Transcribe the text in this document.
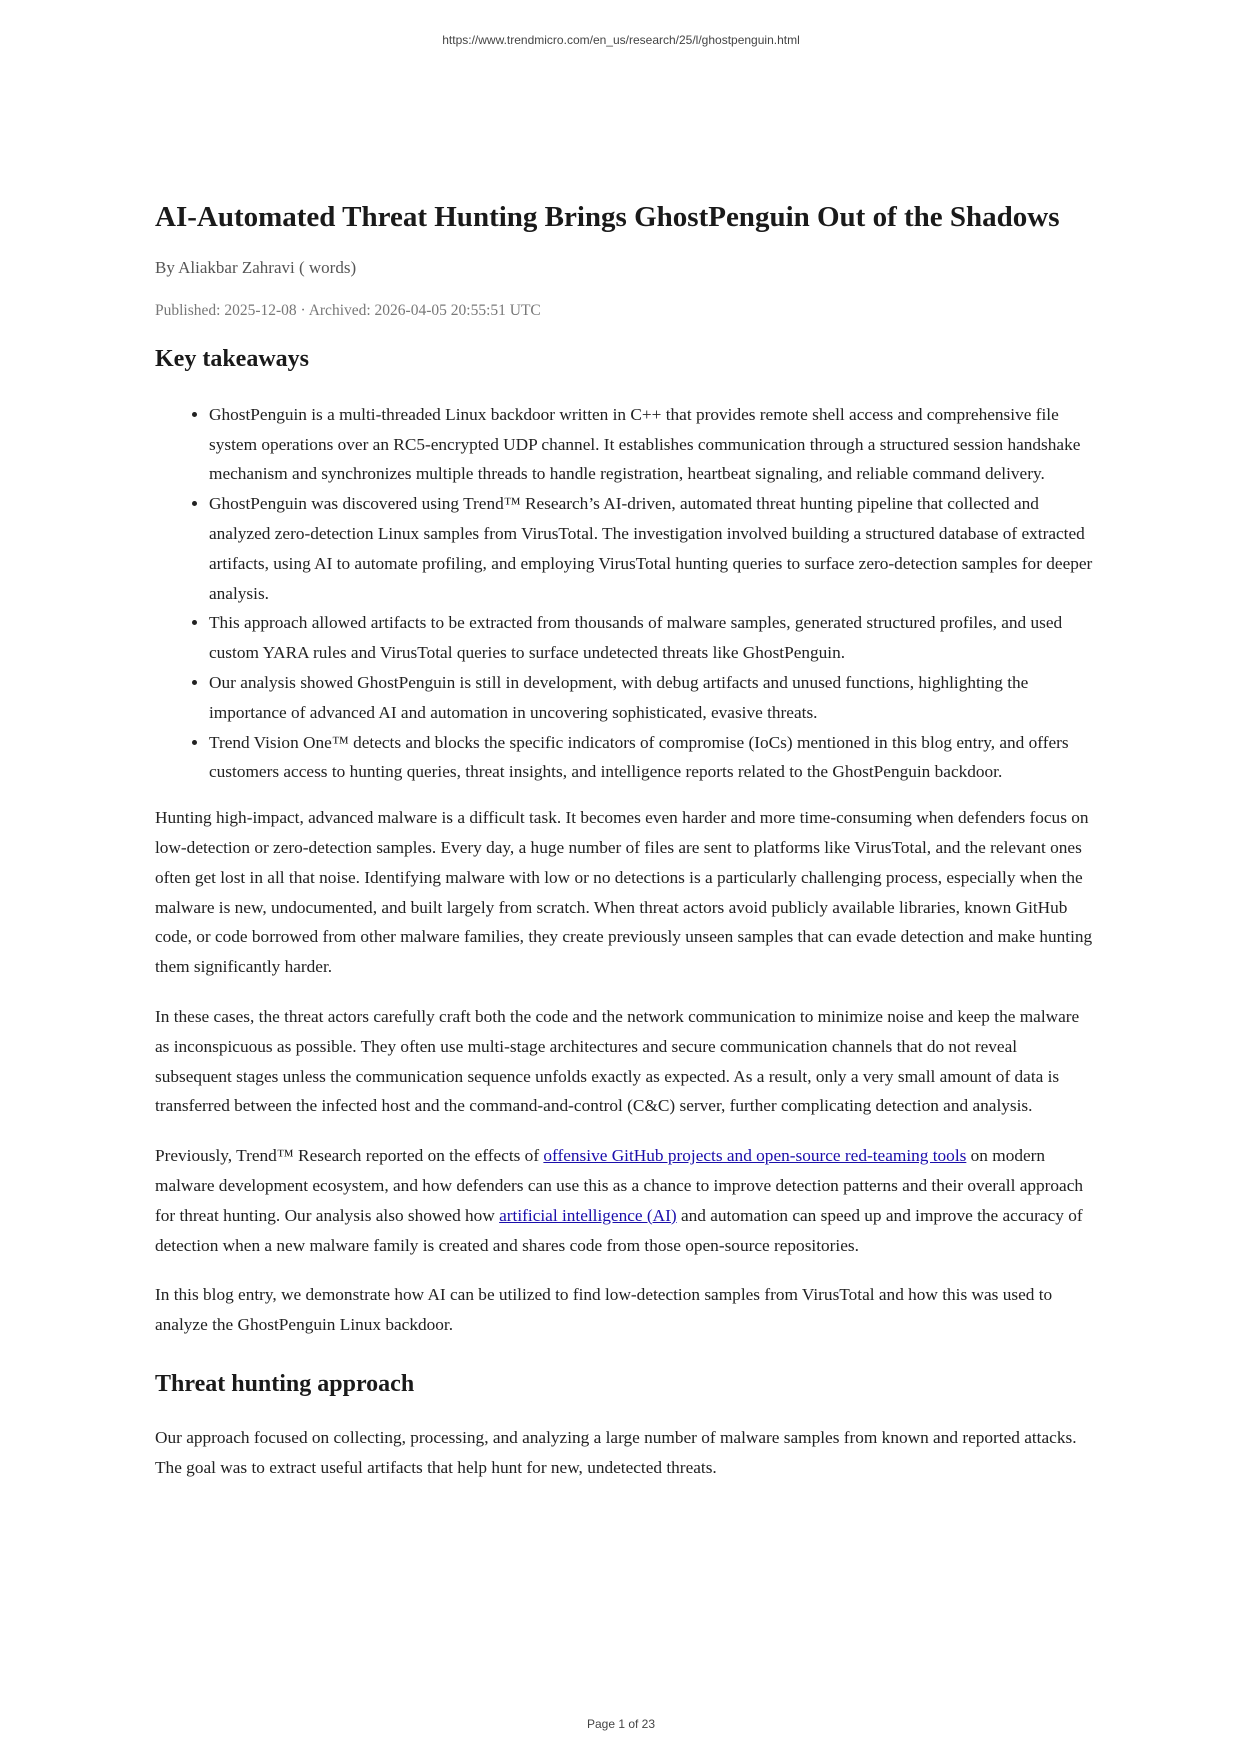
https://www.trendmicro.com/en_us/research/25/l/ghostpenguin.html
AI-Automated Threat Hunting Brings GhostPenguin Out of the Shadows
By Aliakbar Zahravi ( words)
Published: 2025-12-08 · Archived: 2026-04-05 20:55:51 UTC
Key takeaways
• GhostPenguin is a multi-threaded Linux backdoor written in C++ that provides remote shell access and comprehensive file system operations over an RC5-encrypted UDP channel. It establishes communication through a structured session handshake mechanism and synchronizes multiple threads to handle registration, heartbeat signaling, and reliable command delivery.
• GhostPenguin was discovered using Trend™ Research’s AI-driven, automated threat hunting pipeline that collected and analyzed zero-detection Linux samples from VirusTotal. The investigation involved building a structured database of extracted artifacts, using AI to automate profiling, and employing VirusTotal hunting queries to surface zero-detection samples for deeper analysis.
• This approach allowed artifacts to be extracted from thousands of malware samples, generated structured profiles, and used custom YARA rules and VirusTotal queries to surface undetected threats like GhostPenguin.
• Our analysis showed GhostPenguin is still in development, with debug artifacts and unused functions, highlighting the importance of advanced AI and automation in uncovering sophisticated, evasive threats.
• Trend Vision One™ detects and blocks the specific indicators of compromise (IoCs) mentioned in this blog entry, and offers customers access to hunting queries, threat insights, and intelligence reports related to the GhostPenguin backdoor.

Hunting high-impact, advanced malware is a difficult task. It becomes even harder and more time-consuming when defenders focus on low-detection or zero-detection samples. Every day, a huge number of files are sent to platforms like VirusTotal, and the relevant ones often get lost in all that noise. Identifying malware with low or no detections is a particularly challenging process, especially when the malware is new, undocumented, and built largely from scratch. When threat actors avoid publicly available libraries, known GitHub code, or code borrowed from other malware families, they create previously unseen samples that can evade detection and make hunting them significantly harder.

In these cases, the threat actors carefully craft both the code and the network communication to minimize noise and keep the malware as inconspicuous as possible. They often use multi-stage architectures and secure communication channels that do not reveal subsequent stages unless the communication sequence unfolds exactly as expected. As a result, only a very small amount of data is transferred between the infected host and the command-and-control (C&C) server, further complicating detection and analysis.

Previously, Trend™ Research reported on the effects of offensive GitHub projects and open-source red-teaming tools on modern malware development ecosystem, and how defenders can use this as a chance to improve detection patterns and their overall approach for threat hunting. Our analysis also showed how artificial intelligence (AI) and automation can speed up and improve the accuracy of detection when a new malware family is created and shares code from those open-source repositories.

In this blog entry, we demonstrate how AI can be utilized to find low-detection samples from VirusTotal and how this was used to analyze the GhostPenguin Linux backdoor.

Threat hunting approach

Our approach focused on collecting, processing, and analyzing a large number of malware samples from known and reported attacks. The goal was to extract useful artifacts that help hunt for new, undetected threats.

Page 1 of 23
